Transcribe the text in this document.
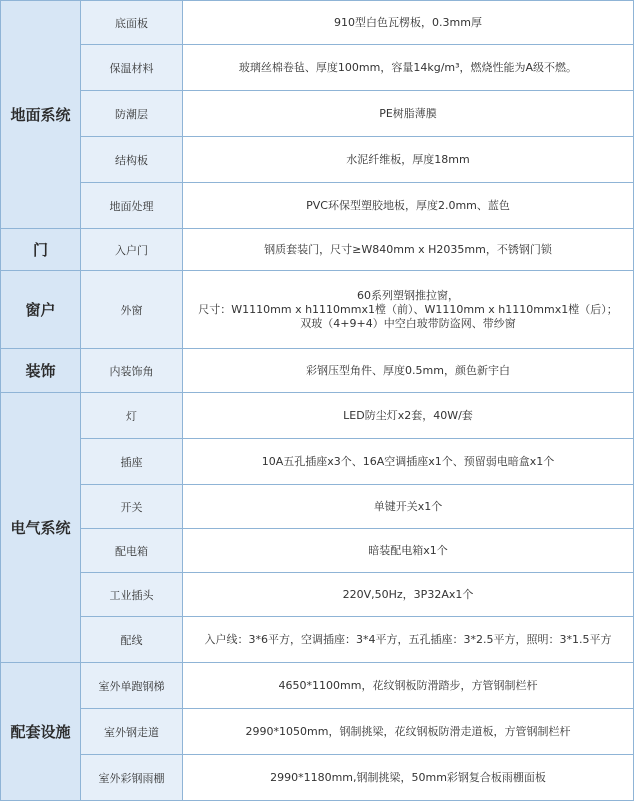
地面系统	底面板	910型白色瓦楞板，0.3mm厚

	保温材料	玻璃丝棉卷毡、厚度100mm，容量14kg/m³，燃烧性能为A级不燃。

	防潮层	PE树脂薄膜

	结构板	水泥纤维板，厚度18mm

	地面处理	PVC环保型塑胶地板，厚度2.0mm、蓝色

门	入户门	钢质套装门，尺寸≥W840mm x H2035mm，不锈钢门锁

窗户	外窗	60系列塑钢推拉窗，
尺寸：W1110mm x h1110mmx1樘（前）、W1110mm x h1110mmx1樘（后）；
双玻（4+9+4）中空白玻带防盗网、带纱窗

装饰	内装饰角	彩钢压型角件、厚度0.5mm，颜色新宇白

电气系统	灯	LED防尘灯x2套，40W/套

	插座	10A五孔插座x3个、16A空调插座x1个、预留弱电暗盒x1个

	开关	单键开关x1个

	配电箱	暗装配电箱x1个

	工业插头	220V,50Hz，3P32Ax1个

	配线	入户线：3*6平方，空调插座：3*4平方，五孔插座：3*2.5平方，照明：3*1.5平方

配套设施	室外单跑钢梯	4650*1100mm，花纹钢板防滑踏步，方管钢制栏杆

	室外钢走道	2990*1050mm，钢制挑梁，花纹钢板防滑走道板，方管钢制栏杆

	室外彩钢雨棚	2990*1180mm,钢制挑梁，50mm彩钢复合板雨棚面板
